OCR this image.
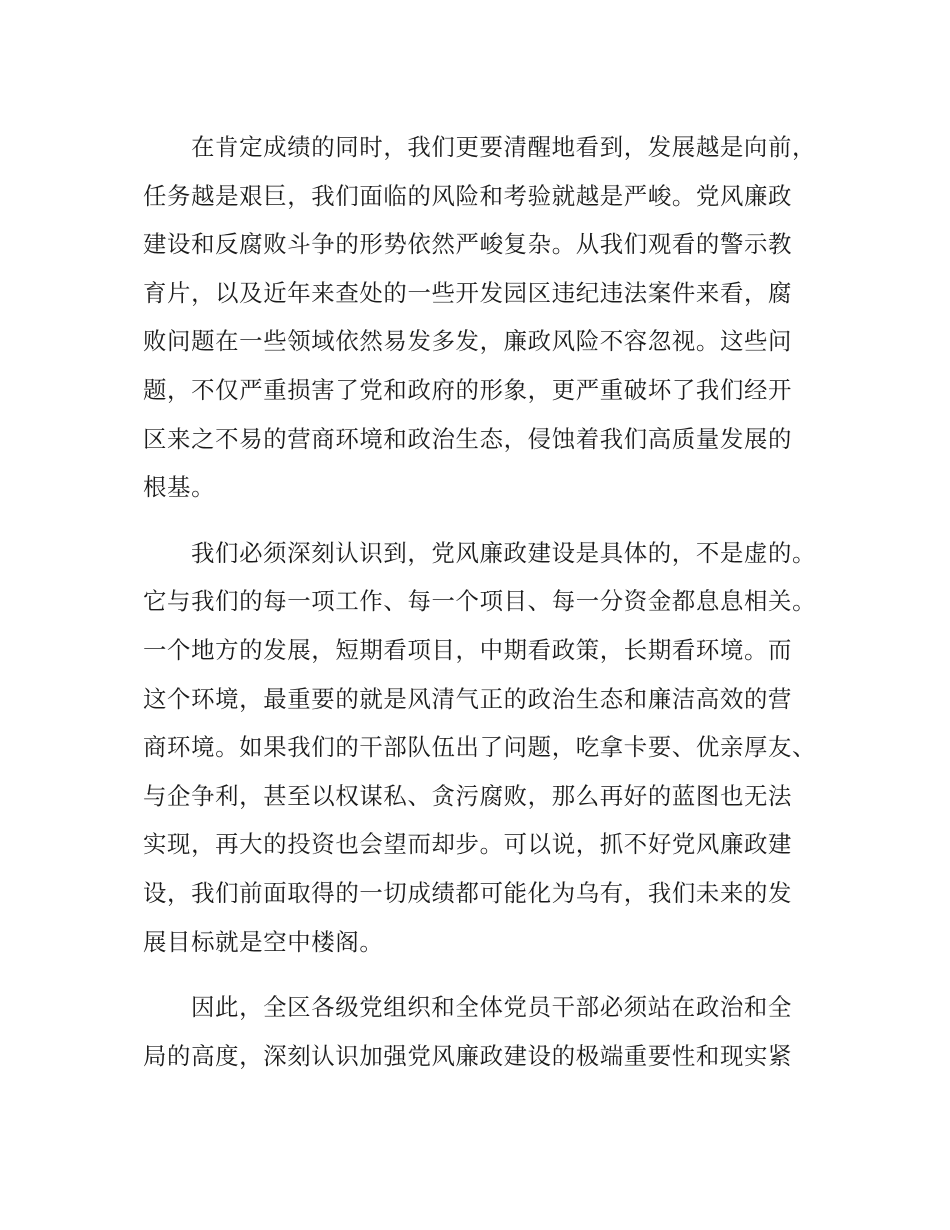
在肯定成绩的同时，我们更要清醒地看到，发展越是向前，
任务越是艰巨，我们面临的风险和考验就越是严峻。党风廉政
建设和反腐败斗争的形势依然严峻复杂。从我们观看的警示教
育片，以及近年来查处的一些开发园区违纪违法案件来看，腐
败问题在一些领域依然易发多发，廉政风险不容忽视。这些问
题，不仅严重损害了党和政府的形象，更严重破坏了我们经开
区来之不易的营商环境和政治生态，侵蚀着我们高质量发展的
根基。

我们必须深刻认识到，党风廉政建设是具体的，不是虚的。
它与我们的每一项工作、每一个项目、每一分资金都息息相关。
一个地方的发展，短期看项目，中期看政策，长期看环境。而
这个环境，最重要的就是风清气正的政治生态和廉洁高效的营
商环境。如果我们的干部队伍出了问题，吃拿卡要、优亲厚友、
与企争利，甚至以权谋私、贪污腐败，那么再好的蓝图也无法
实现，再大的投资也会望而却步。可以说，抓不好党风廉政建
设，我们前面取得的一切成绩都可能化为乌有，我们未来的发
展目标就是空中楼阁。

因此，全区各级党组织和全体党员干部必须站在政治和全
局的高度，深刻认识加强党风廉政建设的极端重要性和现实紧
